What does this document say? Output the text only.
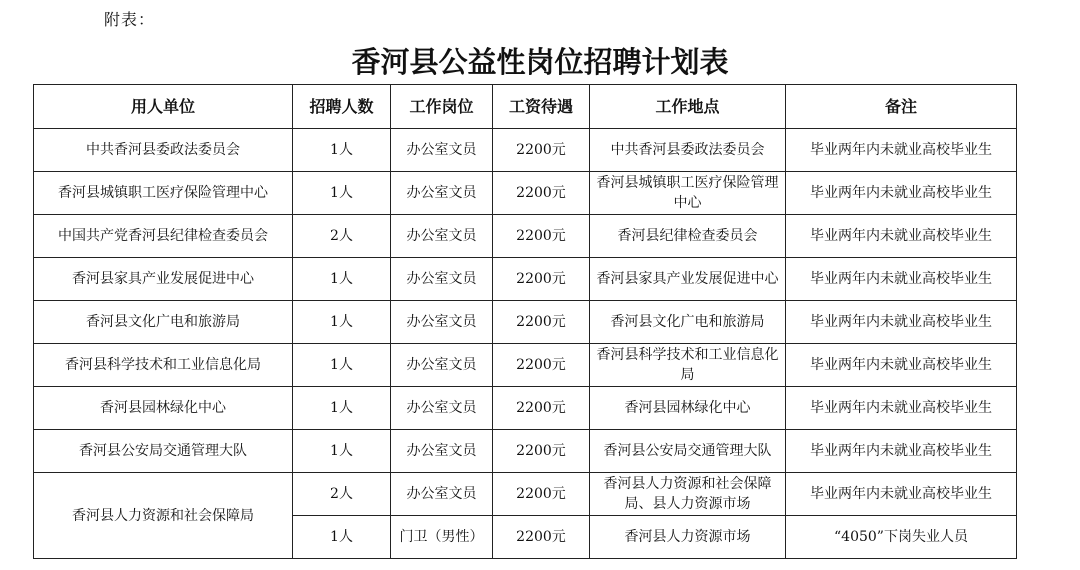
附表：
香河县公益性岗位招聘计划表
用人单位	招聘人数	工作岗位	工资待遇	工作地点	备注
中共香河县委政法委员会	1人	办公室文员	2200元	中共香河县委政法委员会	毕业两年内未就业高校毕业生
香河县城镇职工医疗保险管理中心	1人	办公室文员	2200元	香河县城镇职工医疗保险管理中心	毕业两年内未就业高校毕业生
中国共产党香河县纪律检查委员会	2人	办公室文员	2200元	香河县纪律检查委员会	毕业两年内未就业高校毕业生
香河县家具产业发展促进中心	1人	办公室文员	2200元	香河县家具产业发展促进中心	毕业两年内未就业高校毕业生
香河县文化广电和旅游局	1人	办公室文员	2200元	香河县文化广电和旅游局	毕业两年内未就业高校毕业生
香河县科学技术和工业信息化局	1人	办公室文员	2200元	香河县科学技术和工业信息化局	毕业两年内未就业高校毕业生
香河县园林绿化中心	1人	办公室文员	2200元	香河县园林绿化中心	毕业两年内未就业高校毕业生
香河县公安局交通管理大队	1人	办公室文员	2200元	香河县公安局交通管理大队	毕业两年内未就业高校毕业生
香河县人力资源和社会保障局	2人	办公室文员	2200元	香河县人力资源和社会保障局、县人力资源市场	毕业两年内未就业高校毕业生
	1人	门卫（男性）	2200元	香河县人力资源市场	“4050”下岗失业人员
